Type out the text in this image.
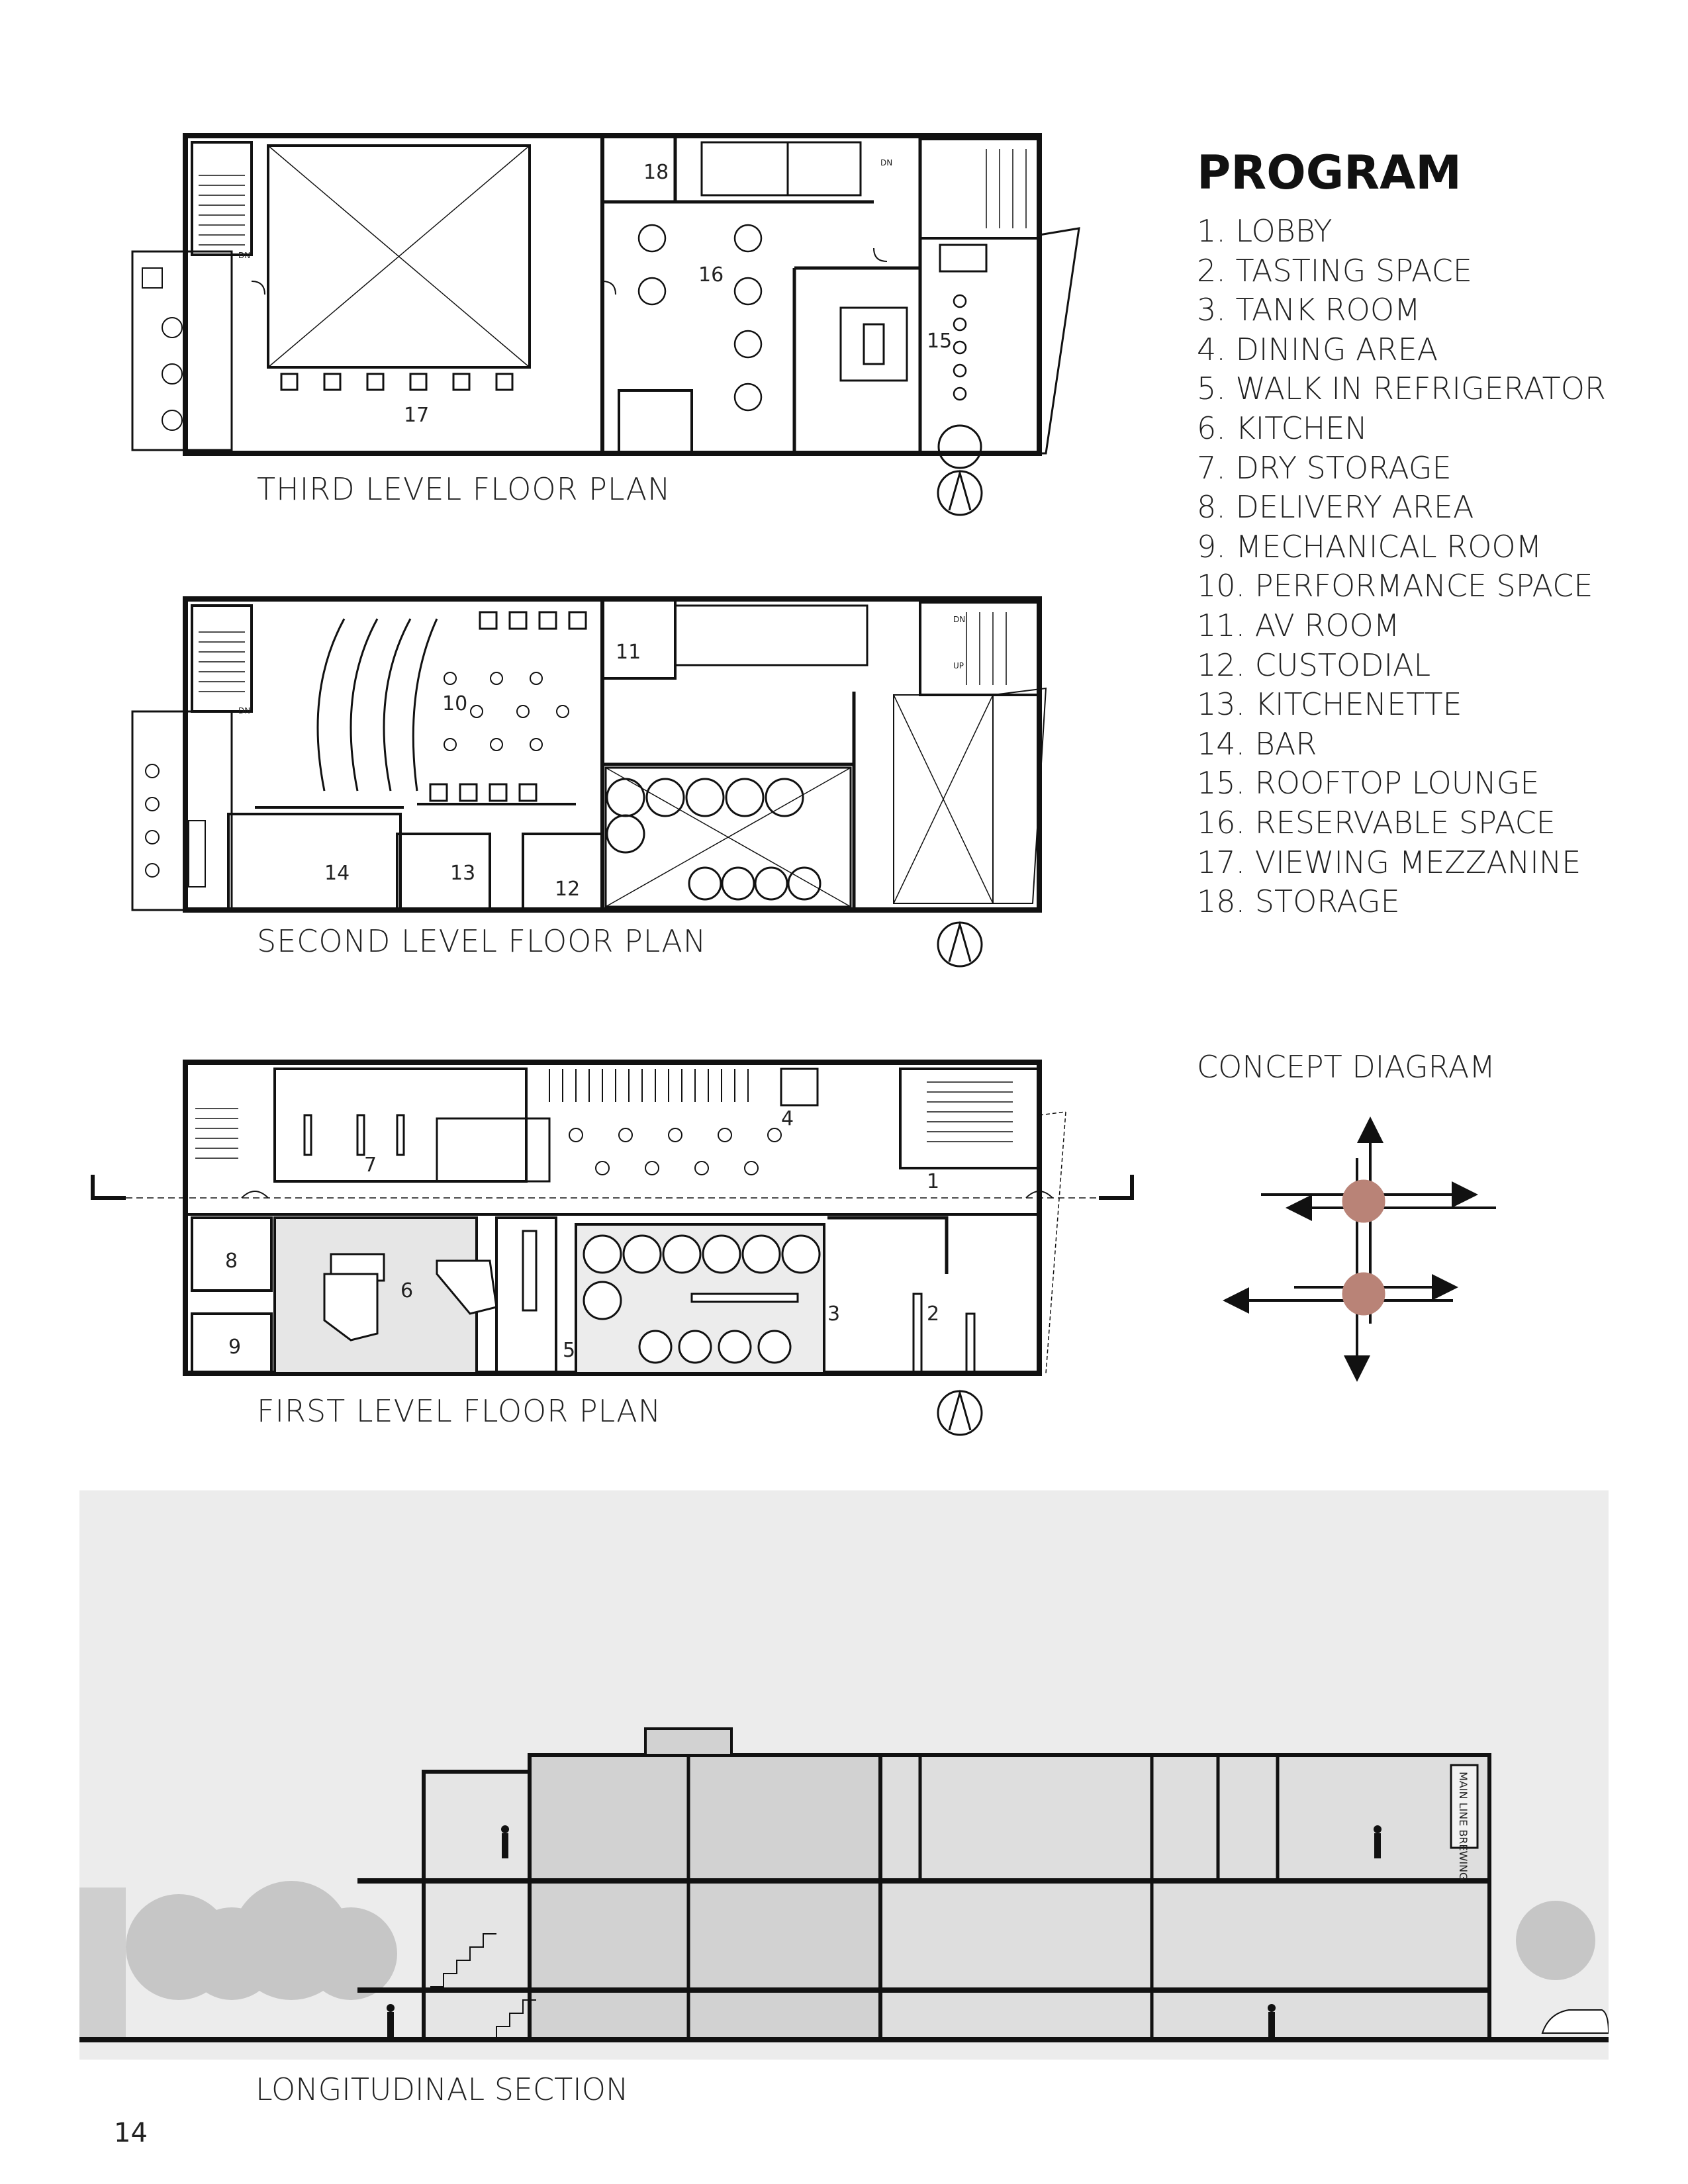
18
16
15
17
DN
DN
THIRD LEVEL FLOOR PLAN
10
11
14	13
12
DN
DN
UP
SECOND LEVEL FLOOR PLAN
7
4
1
8
6
3	2
9	5
FIRST LEVEL FLOOR PLAN
PROGRAM
1. LOBBY
2. TASTING SPACE
3. TANK ROOM
4. DINING AREA
5. WALK IN REFRIGERATOR
6. KITCHEN
7. DRY STORAGE
8. DELIVERY AREA
9. MECHANICAL ROOM
10. PERFORMANCE SPACE
11. AV ROOM
12. CUSTODIAL
13. KITCHENETTE
14. BAR
15. ROOFTOP LOUNGE
16. RESERVABLE SPACE
17. VIEWING MEZZANINE
18. STORAGE
CONCEPT DIAGRAM
MAIN LINE BREWING
LONGITUDINAL SECTION
14
